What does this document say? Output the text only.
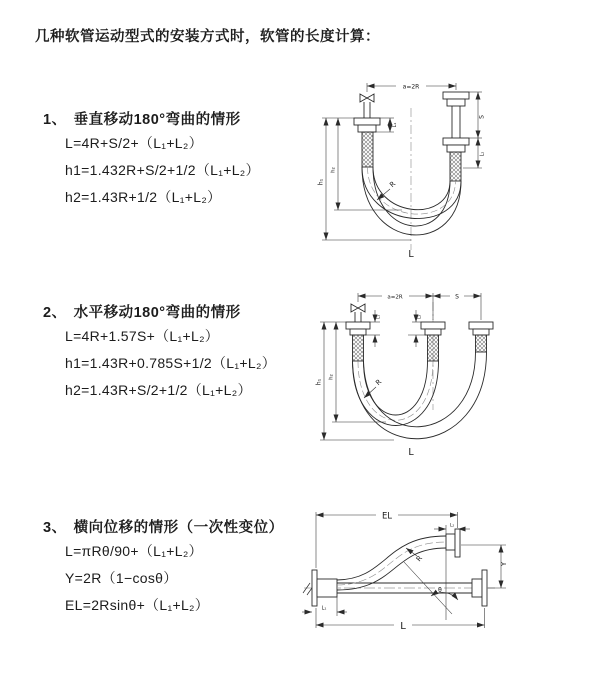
几种软管运动型式的安装方式时，软管的长度计算：
1、 垂直移动180°弯曲的情形
L=4R+S/2+（L₁+L₂）
h1=1.432R+S/2+1/2（L₁+L₂）
h2=1.43R+1/2（L₁+L₂）
2、 水平移动180°弯曲的情形
L=4R+1.57S+（L₁+L₂）
h1=1.43R+0.785S+1/2（L₁+L₂）
h2=1.43R+S/2+1/2（L₁+L₂）
3、 横向位移的情形（一次性变位）
L=πRθ/90+（L₁+L₂）
Y=2R（1−cosθ）
EL=2Rsinθ+（L₁+L₂）
a=2R
L₁
S
L₂
h₁
h₂
R
L
a=2R	S
L₁	L₂
h₁
h₂
R
L
EL
L₂
Y
θ
R
L
L₁
